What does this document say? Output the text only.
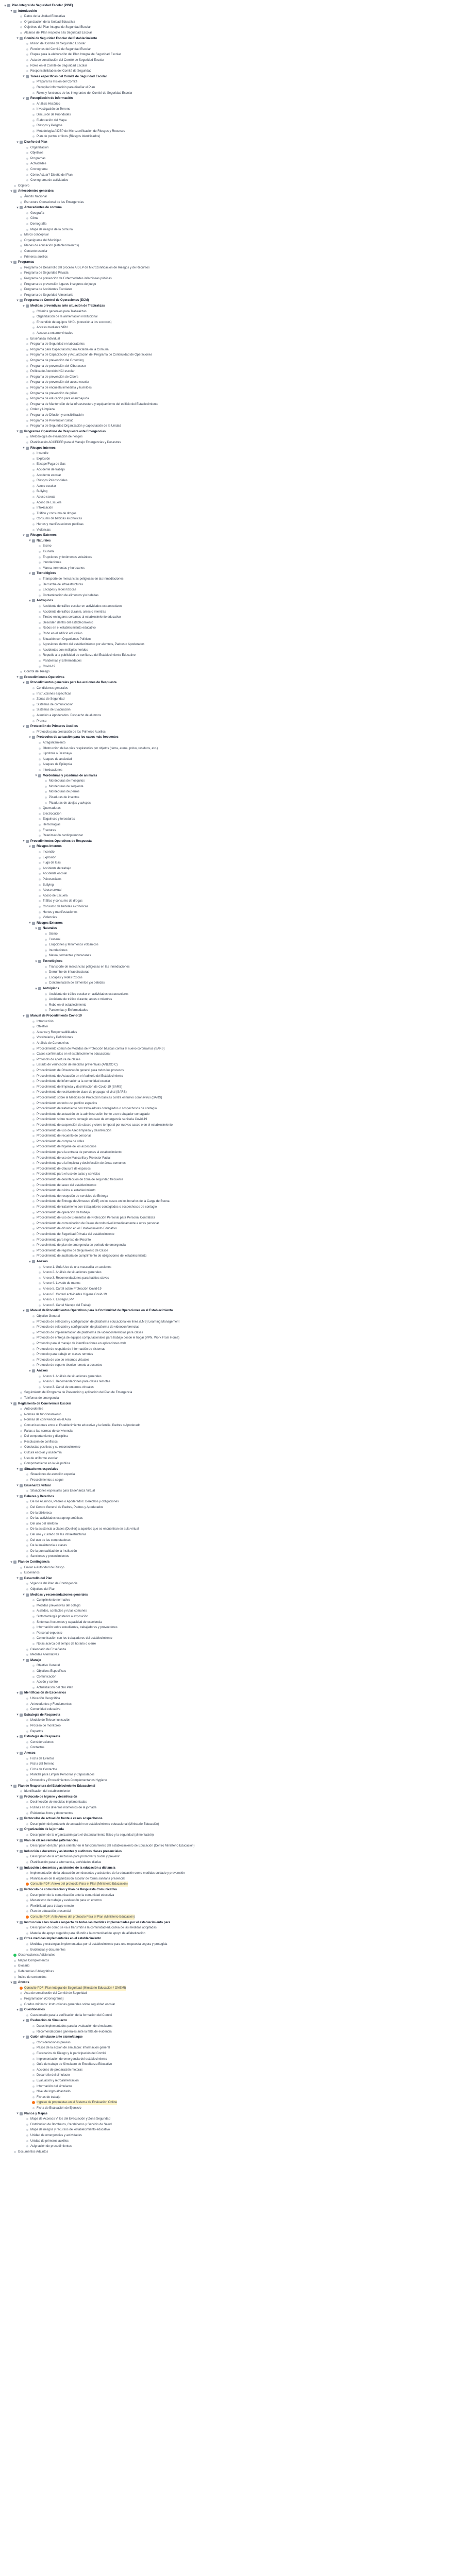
▾	Plan Integral de Seguridad Escolar (PISE)
▾	Introducción
Datos de la Unidad Educativa
Organización de la Unidad Educativa
Objetivos del Plan Integral de Seguridad Escolar
Alcance del Plan respecto a la Seguridad Escolar
▾	Comité de Seguridad Escolar del Establecimiento
Misión del Comité de Seguridad Escolar
Funciones del Comité de Seguridad Escolar
Etapas para la elaboración del Plan Integral de Seguridad Escolar
Acta de constitución del Comité de Seguridad Escolar
Roles en el Comité de Seguridad Escolar
Responsabilidades del Comité de Seguridad
▾	Tareas específicas del Comité de Seguridad Escolar
Preparar la misión del Comité
Recopilar información para diseñar el Plan
Roles y funciones de los integrantes del Comité de Seguridad Escolar
▾	Recopilación de información
Análisis Histórico
Investigación en Terreno
Discusión de Prioridades
Elaboración del Mapa
Riesgos y Peligros
Metodología AIDEP de Microzonificación de Riesgos y Recursos
Plan de puntos críticos (Riesgos Identificados)
▾	Diseño del Plan
Organización
Objetivos
Programas
Actividades
Cronograma
Cómo Actuar? Diseño del Plan
Cronograma de actividades
Objetivo
▾	Antecedentes generales
Ámbito Nacional
Estructura Operacional de las Emergencias
▾	Antecedentes de comuna
Geografía
Clima
Demografía
Mapa de riesgos de la comuna
Marco conceptual
Organigrama del Municipio
Planes de educación (establecimientos)
Contexto escolar
Primeros auxilios
▾	Programas
Programa de Desarrollo del proceso AIDEP de Microzonificación de Riesgos y de Recursos
Programa de Seguridad Privada
Programa de prevención de Enfermedades infecciosas públicas
Programa de prevención lugares inseguros de juego
Programa de Accidentes Escolares
Programa de Seguridad Alimentaria
▾	Programa de Control de Operaciones (ECM)
▾	Medidas preventivas ante situación de Trabirakzas
Criterios generales para Trabirakzas
Organización de la alimentación institucional
Encendido de equipos VHDL (conexión a los socorros)
Acceso mediante VPN
Acceso a entorno virtuales
Enseñanza Individual
Programa de Seguridad en laboratorios
Programa para Capacitación para Alcaldía en la Comuna
Programa de Capacitación y Actualización del Programa de Continuidad de Operaciones
Programa de prevención del Grooming
Programa de prevención del Ciberacoso
Política de Atención NCI escolar
Programa de prevención de Cibers
Programa de prevención del acoso escolar
Programa de encuesta inmediata y humildes
Programa de prevención de grillos
Programa de educación para el autoayuda
Programa de Mantención de la infraestructura y equipamiento del edificio del Establecimiento
Orden y Limpieza
Programa de Difusión y sensibilización
Programa de Prevención Salud
Programa de Seguridad Organización y capacitación de la Unidad
▾	Programas Operativos de Respuesta ante Emergencias
Metodología de evaluación de riesgos
Planificación ACCEDER para el Manejo Emergencias y Desastres
▾	Riesgos Internos
Incendio
Explosión
Escape/Fuga de Gas
Accidente de trabajo
Accidente escolar
Riesgos Psicosociales
Acoso escolar
Bullying
Abuso sexual
Acoso de Escuela
Intoxicación
Tráfico y consumo de drogas
Consumo de bebidas alcohólicas
Hurtos y manifestaciones públicas
Violencias
▾	Riesgos Externos
▾	Naturales
Sismo
Tsunami
Erupciones y fenómenos volcánicos
Inundaciones
Marea, tormentas y huracanes
▾	Tecnológicos
Transporte de mercancías peligrosas en las inmediaciones
Derrumbe de infraestructuras
Escapes y redes tóxicas
Contaminación de alimentos y/o bebidas
▾	Antrópicos
Accidente de tráfico escolar en actividades extraescolares
Accidente de tráfico durante, antes o mientras
Tiroteo en lugares cercanos al establecimiento educativo
Desorden dentro del establecimiento
Robos en el establecimiento educativo
Robo en el edificio educativo
Situación con Organismos Políticos
Agresiones dentro del establecimiento por alumnos, Padres o Apoderados
Accidentes con múltiples heridos
Repudio a la publicidad de confianza del Establecimiento Educativo
Pandemias y Enfermedades
Covid-19
Control del Riesgo
▾	Procedimientos Operativos
▾	Procedimientos generales para las acciones de Respuesta
Condiciones generales
Instrucciones específicas
Zonas de Seguridad
Sistemas de comunicación
Sistemas de Evacuación
Atención a Apoderados. Despacho de alumnos
Prensa
▾	Protección de Primeros Auxilios
Protocolo para prestación de los Primeros Auxilios
▾	Protocolos de actuación para los casos más frecuentes
Atragantamiento
Obstrucción de las vías respiratorias por objetos (tierra, arena, polvo, residuos, etc.)
Lipotimia o Desmayo
Ataques de ansiedad
Ataques de Epilepsia
Intoxicaciones
▾	Mordeduras y picaduras de animales
Mordeduras de mosquitos
Mordeduras de serpiente
Mordeduras de perros
Picaduras de insectos
Picaduras de abejas y avispas
Quemaduras
Electrocución
Esguinces y torceduras
Hemorragias
Fracturas
Reanimación cardiopulmonar
▾	Procedimientos Operativos de Respuesta
▾	Riesgos Internos
Incendio
Explosión
Fuga de Gas
Accidente de trabajo
Accidente escolar
Psicosociales
Bullying
Abuso sexual
Acoso de Escuela
Tráfico y consumo de drogas
Consumo de bebidas alcohólicas
Hurtos y manifestaciones
Violencias
▾	Riesgos Externos
▾	Naturales
Sismo
Tsunami
Erupciones y fenómenos volcánicos
Inundaciones
Marea, tormentas y huracanes
▾	Tecnológicos
Transporte de mercancías peligrosas en las inmediaciones
Derrumbe de infraestructuras
Escapes y redes tóxicas
Contaminación de alimentos y/o bebidas
▾	Antrópicos
Accidente de tráfico escolar en actividades extraescolares
Accidente de tráfico durante, antes o mientras
Robo en el establecimiento
Pandemias y Enfermedades
▾	Manual de Procedimiento Covid-19
Introducción
Objetivo
Alcance y Responsabilidades
Vocabulario y Definiciones
Análisis de Coronavirus
Procedimiento común de Medidas de Protección básicas contra el nuevo coronavirus (SARS)
Casos confirmados en el establecimiento educacional
Protocolo de apertura de clases
Listado de verificación de medidas preventivas (ANEXO C)
Procedimiento de Observación general para todos los procesos
Procedimiento de Actuación en el Auditorio del Establecimiento
Procedimiento de información a la comunidad escolar
Procedimiento de limpieza y desinfección de Covid-19 (SARS)
Procedimiento de restricción de clase de propagar el viral (SARS)
Procedimiento sobre la Medidas de Protección básicas contra el nuevo coronavirus (SARS)
Procedimiento en todo uso público espacios
Procedimiento de tratamiento con trabajadores contagiados o sospechosos de contagio
Procedimiento de actuación de la administración frente a un trabajador contagiado
Procedimiento sobre nuevos contagio en caso de emergencia sanitaria Covid-19
Procedimiento de suspensión de clases y cierre temporal por nuevos casos o en el establecimiento
Procedimiento de uso de Aseo limpieza y desinfección
Procedimiento de recuento de personas
Procedimiento de compra de útiles
Procedimiento de higiene de los accesorios
Procedimiento para la entrada de personas al establecimiento
Procedimiento de uso de Mascarilla y Protector Facial
Procedimiento para la limpieza y desinfección de áreas comunes
Procedimiento de clausura de espacios
Procedimiento para el uso de salas y servicios
Procedimiento de desinfección de zona de seguridad frecuente
Procedimiento del aseo del establecimiento
Procedimiento de ruidos al establecimiento
Procedimiento de recepción de servicios de Entrega
Procedimiento de Entrega de Almuerzo (PAE) en los casos en los horarios de la Carga de Buena
Procedimiento de tratamiento con trabajadores contagiados o sospechosos de contagio
Procedimiento de operación de trabajo
Procedimiento de uso de Elementos de Protección Personal para Personal Contratista
Procedimiento de comunicación de Casos de todo nivel inmediatamente a otras personas
Procedimiento de difusión en el Establecimiento Educativo
Procedimiento de Seguridad Privada del establecimiento
Procedimiento para ingreso del Recinto
Procedimiento de plan de emergencia en período de emergencia
Procedimiento de registro de Seguimiento de Casos
Procedimiento de auditoría de cumplimiento de obligaciones del establecimiento
▾	Anexos
Anexo 1. Guía Uso de una mascarilla en acciones
Anexo 2. Análisis de situaciones generales
Anexo 3. Recomendaciones para hábitos claves
Anexo 4. Lavado de manos
Anexo 5. Cartel sobre Protección Covid-19
Anexo 6. Control actividades Higiene Covid-19
Anexo 7. Entrega EPP
Anexo 8. Cartel Manejo del Trabajo
▾	Manual de Procedimientos Operativos para la Continuidad de Operaciones en el Establecimiento
Objetivo General
Protocolo de selección y configuración de plataforma educacional en línea (LMS) Learning Management
Protocolo de selección y configuración de plataforma de videoconferencias
Protocolo de implementación de plataforma de videoconferencias para clases
Protocolo de entrega de equipos computacionales para trabajo desde el hogar (VPN, Work From Home)
Protocolo para el manejo de identificaciones en aplicaciones web
Protocolo de respaldo de información de sistemas
Protocolo para trabajo en clases remotas
Protocolo de uso de entornos virtuales
Protocolo de soporte técnico remoto a docentes
▾	Anexos
Anexo 1. Análisis de situaciones generales
Anexo 2. Recomendaciones para clases remotas
Anexo 3. Cartel de entornos virtuales
Seguimiento del Programa de Prevención y aplicación del Plan de Emergencia
Teléfonos de emergencia
▾	Reglamento de Convivencia Escolar
Antecedentes
Normas de funcionamiento
Normas de convivencia en el Aula
Comunicaciones entre el Establecimiento educativo y la familia, Padres o Apoderado
Faltas a las normas de convivencia
Del comportamiento y disciplina
Resolución de conflictos
Conductas positivas y su reconocimiento
Cultura escolar y academia
Uso de uniforme escolar
Comportamiento en la via pública
▾	Situaciones especiales
Situaciones de atención especial
Procedimientos a seguir
▾	Enseñanza virtual
Situaciones especiales para Enseñanza Virtual
▾	Deberes y Derechos
De los Alumnos, Padres o Apoderados: Derechos y obligaciones
Del Centro General de Padres, Padres y Apoderados
De la biblioteca
De las actividades extraprogramáticas
Del uso del teléfono
De la asistencia a clases (Dueller) a aquellos que se encuentran en aula virtual
Del uso y cuidado de las infraestructuras
Del uso de las computadoras
De la inasistencia a clases
De la puntualidad de la Institución
Sanciones y procedimientos
▾	Plan de Contingencia
Enviar a Autoridad de Riesgo
Escenarios
▾	Desarrollo del Plan
Vigencia del Plan de Contingencia
Objetivos del Plan
▾	Medidas y recomendaciones generales
Cumplimiento normativo
Medidas preventivas del colegio
Aislados, contactos y rutas comunes
Sintomatología posterior a exposición
Sintomas frecuentes y capacidad de excelencia
Información sobre estudiantes, trabajadores y proveedores
Personal expuesto
Comunicación con los trabajadores del establecimiento
Notas acerca del tiempo de horario o cierre
Calendario de Enseñanza
Medidas Alternativas
▾	Manejo
Objetivo General
Objetivos Específicos
Comunicación
Acción y control
Actualización del otro Plan
▾	Identificación de Escenarios
Ubicación Geográfica
Antecedentes y Fundamentos
Comunidad educativa
▾	Estrategia de Respuesta
Modelo de Telecomunicación
Proceso de monitoreo
Repartos
▾	Estrategia de Respuesta
Consideraciones
Contactos
▾	Anexos
Ficha de Eventos
Ficha del Terreno
Ficha de Contactos
Plantilla para Limpiar Personas y Capacidades
Protocolos y Procedimientos Complementarios Hygiene
▾	Plan de Reapertura del Establecimiento Educacional
Identificación del establecimiento
▾	Protocolo de higiene y desinfección
Desinfección de medidas implementadas
Rutinas en los diversos momentos de la jornada
Evidencias fotos y documentos
▾	Protocolos de actuación frente a casos sospechosos
Descripción del protocolo de actuación en establecimiento educacional (Ministerio Educación)
▾	Organización de la jornada
Descripción de la organización para el distanciamiento físico y la seguridad (alimentación)
▾	Plan de clases remotas (alternancia)
Descripción del plan para orientar en el funcionamiento del establecimiento de Educación (Centro Ministerio Educación)
▾	Inducción a docentes y asistentes y auditores clases presenciales
Descripción de la organización para promover y cuidar y prevenir
Planificación para la alternancia, actividades diarias
▾	Inducción a docentes y asistentes de la educación a distancia
Implementación de la educación con docentes y asistentes de la educación como medidas cuidado y prevención
Planificación de la organización escolar de forma sanitaria presencial
Consulte PDF: Anexo del protocolo Para el Plan (Ministerio Educación)
▾	Protocolo de comunicación y Plan de Respuesta Comunicativa
Descripción de la comunicación ante la comunidad educativa
Mecanismo de trabajo y evaluación para un entorno
Flexibilidad para trabajo remoto
Plan de educación presencial
Consulte PDF: Ante Anexo del protocolo Para el Plan (Ministerio Educación)
▾	Instrucción a los niveles respecto de todas las medidas implementadas por el establecimiento para
Descripción de cómo se va a transmitir a la comunidad educativa de las medidas adoptadas
Material de apoyo sugerido para difundir a la comunidad de apoyo de alfabetización
▾	Otras medidas implementadas en el establecimiento
Medidas y estrategias implementadas por el establecimiento para una respuesta segura y protegida
Evidencias y documentos
Observaciones Adicionales
Mapas Complementos
Glosario
Referencias Bibliográficas
Índice de contenidos
▾	Anexos
Consulte PDF: Plan Integral de Seguridad (Ministerio Educación / ONEMI)
Acta de constitución del Comité de Seguridad
Programación (Cronograma)
Grados mínimos: Instrucciones generales sobre seguridad escolar
▾	Cuestionarios
Cuestionario para la verificación de la formación del Comité
▾	Evaluación de Simulacro
Datos implementados para la evaluación de simulacros
Recomendaciones generales ante la falta de evidencia
▾	Guión simulacro ante sismo/ataque
Consideraciones previas
Pasos de la acción de simulacro: Información general
Escenarios de Riesgo y la participación del Comité
Implementación de emergencia del establecimiento
Guía de trabajo de Simulacro de Enseñanza Educativo
Acciones de preparación motoras
Desarrollo del simulacro
Evaluación y retroalimentación
Información del simulacro
Nivel de logro alcanzado
Fichas de trabajo
Ingreso de propuestas en el Sistema de Evaluación Online
Ficha de Evaluación de Ejercicio
▾	Planos y Mapas
Mapa de Accesos Vi los del Evacuación y Zona Seguridad
Distribución de Bomberos, Carabineros y Servicio de Salud
Mapa de riesgos y recursos del establecimiento educativo
Unidad de emergencias y actividades
Unidad de primeros auxilios
Asignación de procedimientos
Documentos Adjuntos
